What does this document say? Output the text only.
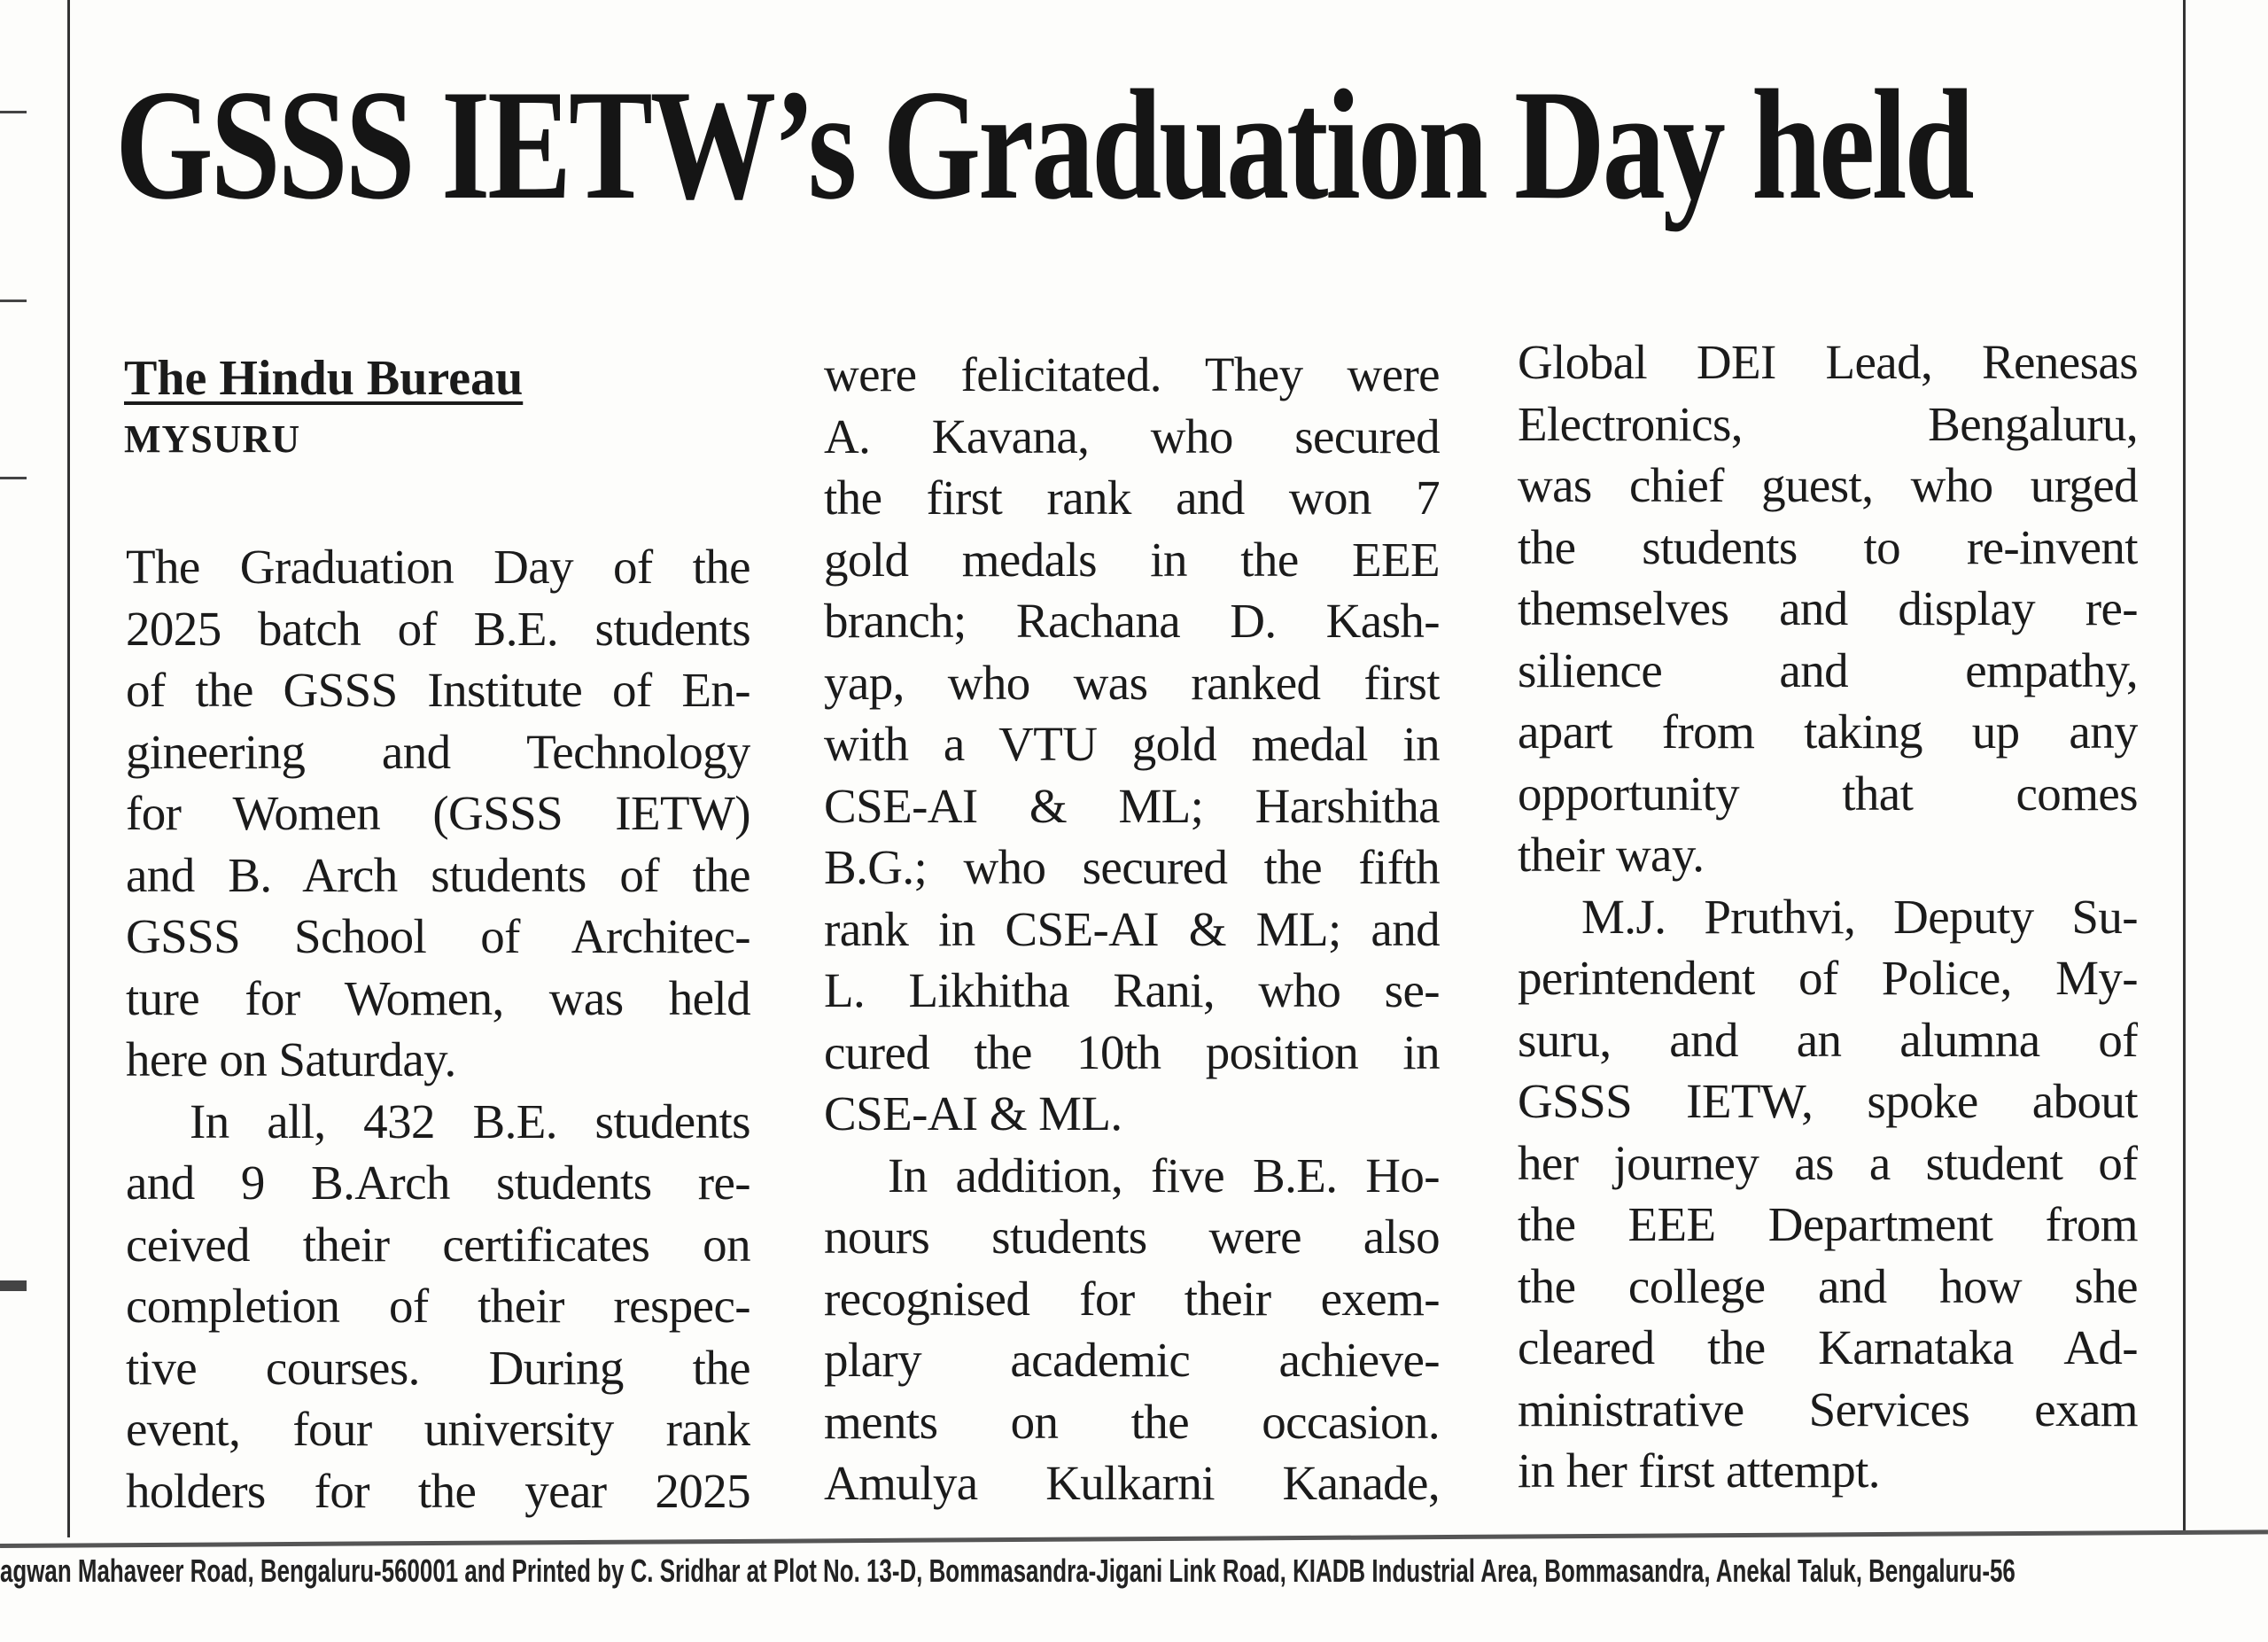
GSSS IETW’s Graduation Day held
The Hindu Bureau
MYSURU
The Graduation Day of the
2025 batch of B.E. students
of the GSSS Institute of En-
gineering and Technology
for Women (GSSS IETW)
and B. Arch students of the
GSSS School of Architec-
ture for Women, was held
here on Saturday.
In all, 432 B.E. students
and 9 B.Arch students re-
ceived their certificates on
completion of their respec-
tive courses. During the
event, four university rank
holders for the year 2025
were felicitated. They were
A. Kavana, who secured
the first rank and won 7
gold medals in the EEE
branch; Rachana D. Kash-
yap, who was ranked first
with a VTU gold medal in
CSE-AI & ML; Harshitha
B.G.; who secured the fifth
rank in CSE-AI & ML; and
L. Likhitha Rani, who se-
cured the 10th position in
CSE-AI & ML.
In addition, five B.E. Ho-
nours students were also
recognised for their exem-
plary academic achieve-
ments on the occasion.
Amulya Kulkarni Kanade,
Global DEI Lead, Renesas
Electronics, Bengaluru,
was chief guest, who urged
the students to re-invent
themselves and display re-
silience and empathy,
apart from taking up any
opportunity that comes
their way.
M.J. Pruthvi, Deputy Su-
perintendent of Police, My-
suru, and an alumna of
GSSS IETW, spoke about
her journey as a student of
the EEE Department from
the college and how she
cleared the Karnataka Ad-
ministrative Services exam
in her first attempt.
agwan Mahaveer Road, Bengaluru-560001 and Printed by C. Sridhar at Plot No. 13-D, Bommasandra-Jigani Link Road, KIADB Industrial Area, Bommasandra, Anekal Taluk, Bengaluru-56
